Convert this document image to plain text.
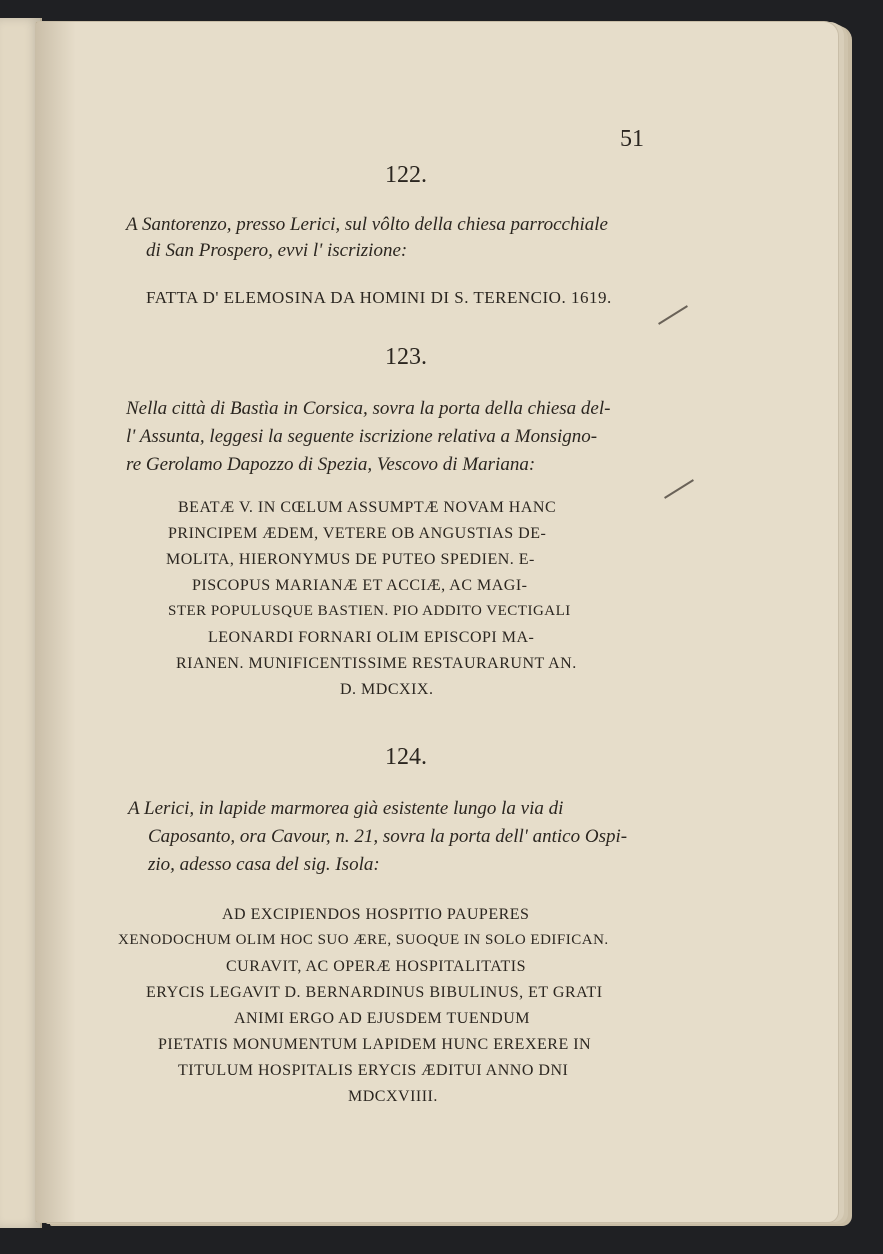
51
122.
A Santorenzo, presso Lerici, sul vôlto della chiesa parrocchiale
di San Prospero, evvi l' iscrizione:
FATTA D' ELEMOSINA DA HOMINI DI S. TERENCIO. 1619.
123.
Nella città di Bastìa in Corsica, sovra la porta della chiesa del-
l' Assunta, leggesi la seguente iscrizione relativa a Monsigno-
re Gerolamo Dapozzo di Spezia, Vescovo di Mariana:
BEATÆ V. IN CŒLUM ASSUMPTÆ NOVAM HANC
PRINCIPEM ÆDEM, VETERE OB ANGUSTIAS DE-
MOLITA, HIERONYMUS DE PUTEO SPEDIEN. E-
PISCOPUS MARIANÆ ET ACCIÆ, AC MAGI-
STER POPULUSQUE BASTIEN. PIO ADDITO VECTIGALI
LEONARDI FORNARI OLIM EPISCOPI MA-
RIANEN. MUNIFICENTISSIME RESTAURARUNT AN.
D. MDCXIX.
124.
A Lerici, in lapide marmorea già esistente lungo la via di
Caposanto, ora Cavour, n. 21, sovra la porta dell' antico Ospi-
zio, adesso casa del sig. Isola:
AD EXCIPIENDOS HOSPITIO PAUPERES
XENODOCHUM OLIM HOC SUO ÆRE, SUOQUE IN SOLO EDIFICAN.
CURAVIT, AC OPERÆ HOSPITALITATIS
ERYCIS LEGAVIT D. BERNARDINUS BIBULINUS, ET GRATI
ANIMI ERGO AD EJUSDEM TUENDUM
PIETATIS MONUMENTUM LAPIDEM HUNC EREXERE IN
TITULUM HOSPITALIS ERYCIS ÆDITUI ANNO DNI
MDCXVIIII.
